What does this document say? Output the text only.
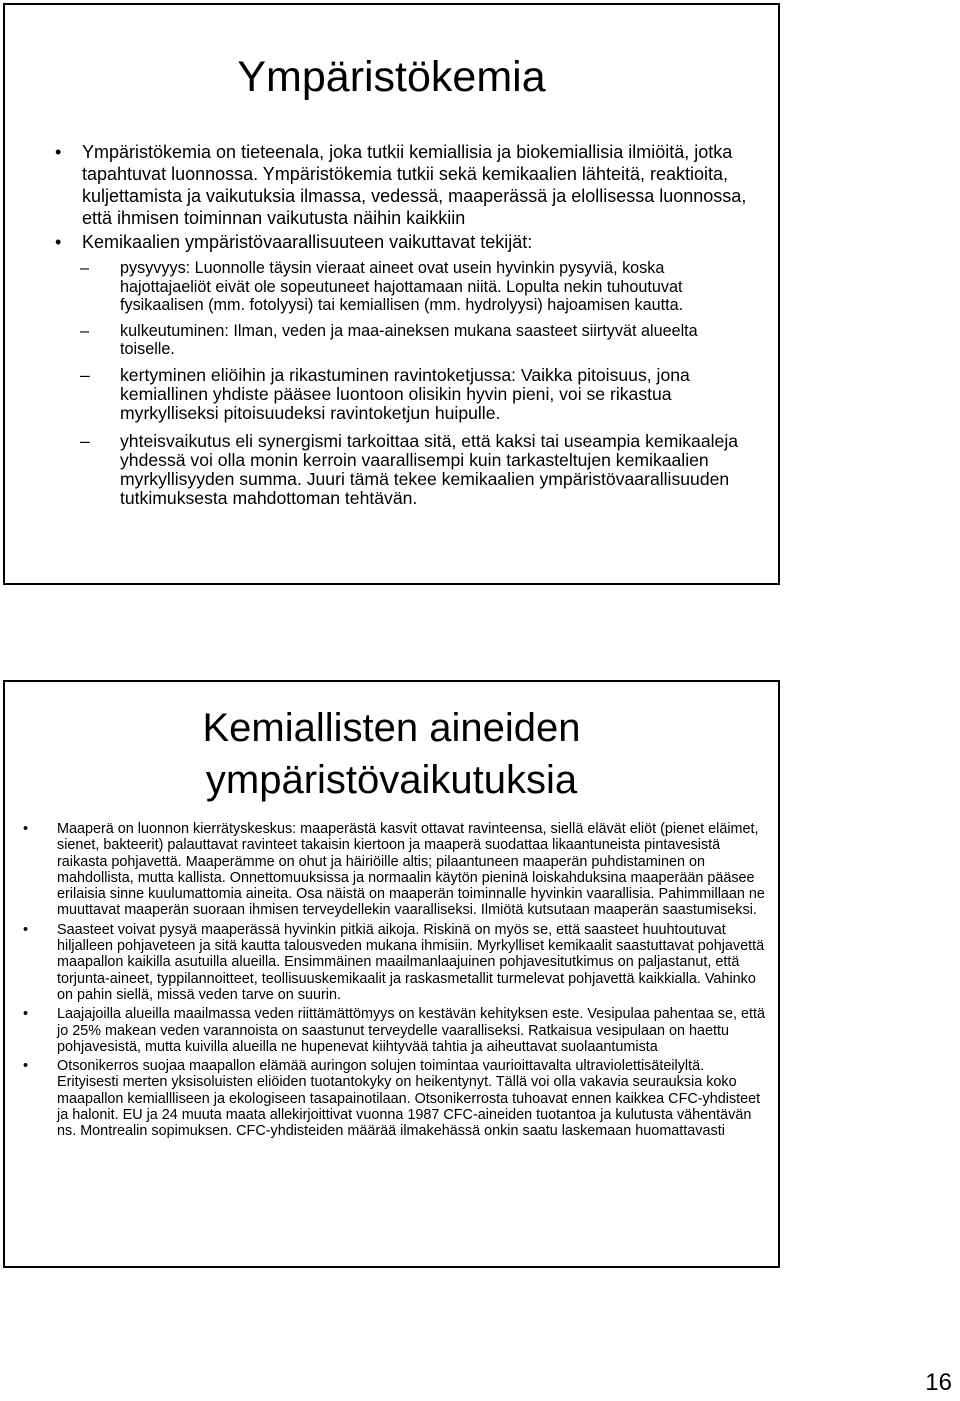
Ympäristökemia
• Ympäristökemia on tieteenala, joka tutkii kemiallisia ja biokemiallisia ilmiöitä, jotka tapahtuvat luonnossa. Ympäristökemia tutkii sekä kemikaalien lähteitä, reaktioita, kuljettamista ja vaikutuksia ilmassa, vedessä, maaperässä ja elollisessa luonnossa, että ihmisen toiminnan vaikutusta näihin kaikkiin
• Kemikaalien ympäristövaarallisuuteen vaikuttavat tekijät:
– pysyvyys: Luonnolle täysin vieraat aineet ovat usein hyvinkin pysyviä, koska hajottajaeliöt eivät ole sopeutuneet hajottamaan niitä. Lopulta nekin tuhoutuvat fysikaalisen (mm. fotolyysi) tai kemiallisen (mm. hydrolyysi) hajoamisen kautta.
– kulkeutuminen: Ilman, veden ja maa-aineksen mukana saasteet siirtyvät alueelta toiselle.
– kertyminen eliöihin ja rikastuminen ravintoketjussa: Vaikka pitoisuus, jona kemiallinen yhdiste pääsee luontoon olisikin hyvin pieni, voi se rikastua myrkylliseksi pitoisuudeksi ravintoketjun huipulle.
– yhteisvaikutus eli synergismi tarkoittaa sitä, että kaksi tai useampia kemikaaleja yhdessä voi olla monin kerroin vaarallisempi kuin tarkasteltujen kemikaalien myrkyllisyyden summa. Juuri tämä tekee kemikaalien ympäristövaarallisuuden tutkimuksesta mahdottoman tehtävän.
Kemiallisten aineiden
ympäristövaikutuksia
• Maaperä on luonnon kierrätyskeskus: maaperästä kasvit ottavat ravinteensa, siellä elävät eliöt (pienet eläimet, sienet, bakteerit) palauttavat ravinteet takaisin kiertoon ja maaperä suodattaa likaantuneista pintavesistä raikasta pohjavettä. Maaperämme on ohut ja häiriöille altis; pilaantuneen maaperän puhdistaminen on mahdollista, mutta kallista. Onnettomuuksissa ja normaalin käytön pieninä loiskahduksina maaperään pääsee erilaisia sinne kuulumattomia aineita. Osa näistä on maaperän toiminnalle hyvinkin vaarallisia. Pahimmillaan ne muuttavat maaperän suoraan ihmisen terveydellekin vaaralliseksi. Ilmiötä kutsutaan maaperän saastumiseksi.
• Saasteet voivat pysyä maaperässä hyvinkin pitkiä aikoja. Riskinä on myös se, että saasteet huuhtoutuvat hiljalleen pohjaveteen ja sitä kautta talousveden mukana ihmisiin. Myrkylliset kemikaalit saastuttavat pohjavettä maapallon kaikilla asutuilla alueilla. Ensimmäinen maailmanlaajuinen pohjavesitutkimus on paljastanut, että torjunta-aineet, typpilannoitteet, teollisuuskemikaalit ja raskasmetallit turmelevat pohjavettä kaikkialla. Vahinko on pahin siellä, missä veden tarve on suurin.
• Laajajoilla alueilla maailmassa veden riittämättömyys on kestävän kehityksen este. Vesipulaa pahentaa se, että jo 25% makean veden varannoista on saastunut terveydelle vaaralliseksi. Ratkaisua vesipulaan on haettu pohjavesistä, mutta kuivilla alueilla ne hupenevat kiihtyvää tahtia ja aiheuttavat suolaantumista
• Otsonikerros suojaa maapallon elämää auringon solujen toimintaa vaurioittavalta ultraviolettisäteilyltä. Erityisesti merten yksisoluisten eliöiden tuotantokyky on heikentynyt. Tällä voi olla vakavia seurauksia koko maapallon kemiallliseen ja ekologiseen tasapainotilaan. Otsonikerrosta tuhoavat ennen kaikkea CFC-yhdisteet ja halonit. EU ja 24 muuta maata allekirjoittivat vuonna 1987 CFC-aineiden tuotantoa ja kulutusta vähentävän ns. Montrealin sopimuksen. CFC-yhdisteiden määrää ilmakehässä onkin saatu laskemaan huomattavasti
16
